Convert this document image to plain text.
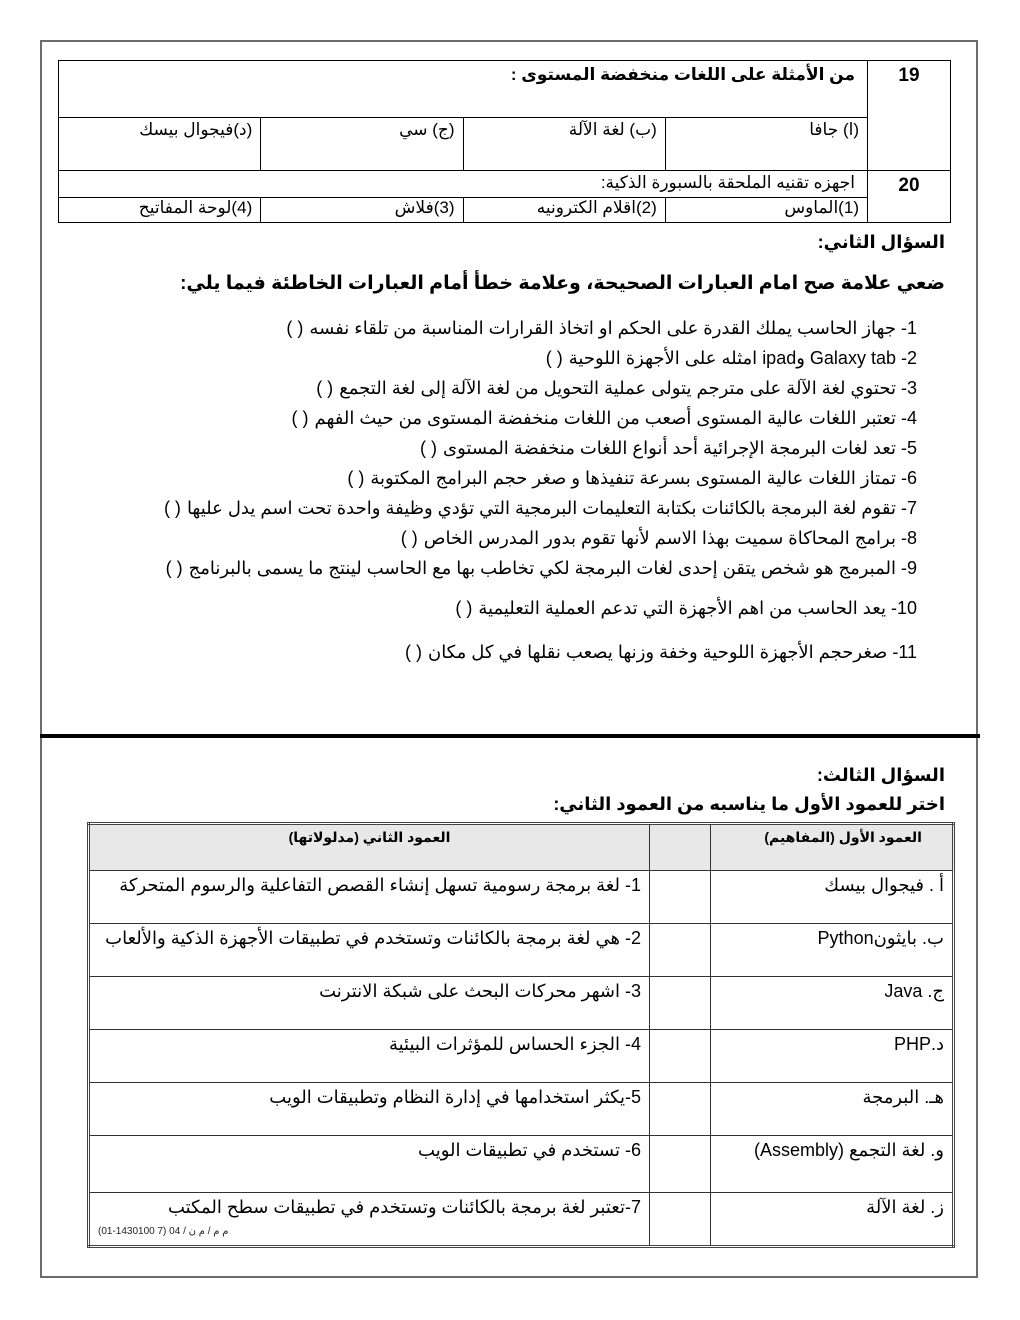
19	من الأمثلة على اللغات منخفضة المستوى :			
	(ا) جافا	(ب) لغة الآلة	(ج) سي	(د)فيجوال بيسك
20	اجهزه تقنيه الملحقة بالسبورة الذكية:			
	(1)الماوس	(2)اقلام الكترونيه	(3)فلاش	(4)لوحة المفاتيح
السؤال الثاني:
ضعي علامة صح امام العبارات الصحيحة، وعلامة خطأ أمام العبارات الخاطئة فيما يلي:
1- جهاز الحاسب يملك القدرة على الحكم او اتخاذ القرارات المناسبة من تلقاء نفسه( )
2- Galaxy tab وipad امثله على الأجهزة اللوحية( )
3- تحتوي لغة الآلة على مترجم يتولى عملية التحويل من لغة الآلة إلى لغة التجمع( )
4- تعتبر اللغات عالية المستوى أصعب من اللغات منخفضة المستوى من حيث الفهم( )
5- تعد لغات البرمجة الإجرائية أحد أنواع اللغات منخفضة المستوى( )
6- تمتاز اللغات عالية المستوى بسرعة تنفيذها و صغر حجم البرامج المكتوبة( )
7- تقوم لغة البرمجة بالكائنات بكتابة التعليمات البرمجية التي تؤدي وظيفة واحدة تحت اسم يدل عليها( )
8- برامج المحاكاة سميت بهذا الاسم لأنها تقوم بدور المدرس الخاص( )
9- المبرمج هو شخص يتقن إحدى لغات البرمجة لكي تخاطب بها مع الحاسب لينتج ما يسمى بالبرنامج( )
10- يعد الحاسب من اهم الأجهزة التي تدعم العملية التعليمية( )
11- صغرحجم الأجهزة اللوحية وخفة وزنها يصعب نقلها في كل مكان( )
السؤال الثالث:
اختر للعمود الأول ما يناسبه من العمود الثاني:
العمود الأول (المفاهيم)		العمود الثاني (مدلولاتها)
أ . فيجوال بيسك		1- لغة برمجة رسومية تسهل إنشاء القصص التفاعلية والرسوم المتحركة
ب. بايثونPython		2- هي لغة برمجة بالكائنات وتستخدم في تطبيقات الأجهزة الذكية والألعاب
ج. Java		3- اشهر محركات البحث على شبكة الانترنت
د.PHP		4- الجزء الحساس للمؤثرات البيئية
هـ. البرمجة		5-يكثر استخدامها في إدارة النظام وتطبيقات الويب
و. لغة التجمع (Assembly)		6- تستخدم في تطبيقات الويب
ز. لغة الآلة		7-تعتبر لغة برمجة بالكائنات وتستخدم في تطبيقات سطح المكتب
(01-1430100 7) 04 / م م / م ن
